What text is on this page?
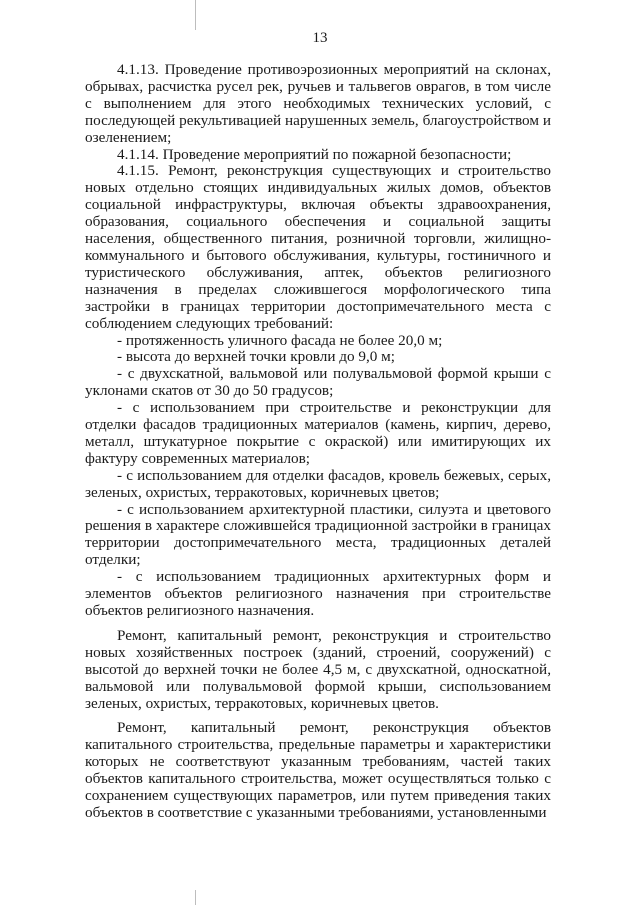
13

4.1.13. Проведение противоэрозионных мероприятий на склонах, обрывах, расчистка русел рек, ручьев и тальвегов оврагов, в том числе с выполнением для этого необходимых технических условий, с последующей рекультивацией нарушенных земель, благоустройством и озеленением;

4.1.14. Проведение мероприятий по пожарной безопасности;

4.1.15. Ремонт, реконструкция существующих и строительство новых отдельно стоящих индивидуальных жилых домов, объектов социальной инфраструктуры, включая объекты здравоохранения, образования, социального обеспечения и социальной защиты населения, общественного питания, розничной торговли, жилищно-коммунального и бытового обслуживания, культуры, гостиничного и туристического обслуживания, аптек, объектов религиозного назначения в пределах сложившегося морфологического типа застройки в границах территории достопримечательного места с соблюдением следующих требований:

- протяженность уличного фасада не более 20,0 м;

- высота до верхней точки кровли до 9,0 м;

- с двухскатной, вальмовой или полувальмовой формой крыши с уклонами скатов от 30 до 50 градусов;

- с использованием при строительстве и реконструкции для отделки фасадов традиционных материалов (камень, кирпич, дерево, металл, штукатурное покрытие с окраской) или имитирующих их фактуру современных материалов;

- с использованием для отделки фасадов, кровель бежевых, серых, зеленых, охристых, терракотовых, коричневых цветов;

- с использованием архитектурной пластики, силуэта и цветового решения в характере сложившейся традиционной застройки в границах территории достопримечательного места, традиционных деталей отделки;

- с использованием традиционных архитектурных форм и элементов объектов религиозного назначения при строительстве объектов религиозного назначения.

Ремонт, капитальный ремонт, реконструкция и строительство новых хозяйственных построек (зданий, строений, сооружений) с высотой до верхней точки не более 4,5 м, с двухскатной, односкатной, вальмовой или полувальмовой формой крыши, сиспользованием зеленых, охристых, терракотовых, коричневых цветов.

Ремонт, капитальный ремонт, реконструкция объектов капитального строительства, предельные параметры и характеристики которых не соответствуют указанным требованиям, частей таких объектов капитального строительства, может осуществляться только с сохранением существующих параметров, или путем приведения таких объектов в соответствие с указанными требованиями, установленными
